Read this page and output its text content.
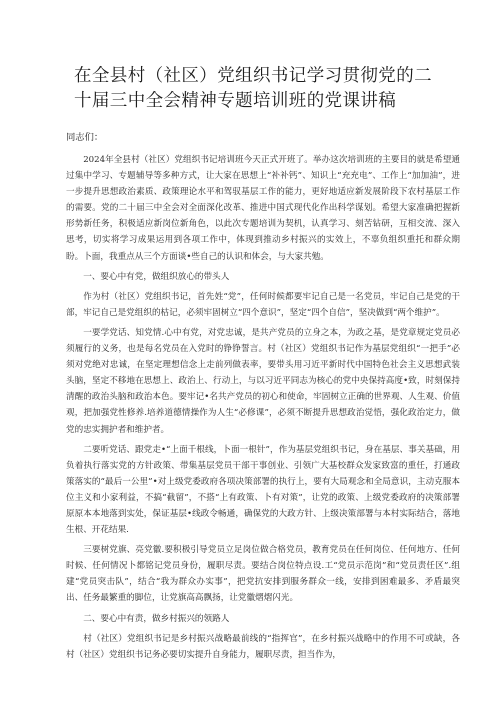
在全县村（社区）党组织书记学习贯彻党的二十届三中全会精神专题培训班的党课讲稿

同志们：

2024年全县村（社区）党组织书记培训班今天正式开班了。举办这次培训班的主要目的就是希望通过集中学习、专题辅导等多种方式，让大家在思想上“补补钙”、知识上“充充电”、工作上“加加油”，进一步提升思想政治素质、政策理论水平和驾驭基层工作的能力，更好地适应新发展阶段下农村基层工作的需要。党的二十届三中全会对全面深化改革、推进中国式现代化作出科学谋划。希望大家准确把握新形势新任务，积极适应新岗位新角色，以此次专题培训为契机，认真学习、刻苦钻研，互相交流、深入思考，切实将学习成果运用到各项工作中，体现到推动乡村振兴的实效上，不辜负组织重托和群众期盼。卜面，我重点从三个方面谈•些自己的认识和体会，与大家共勉。

一、要心中有党，做组织放心的带头人

作为村（社区）党组织书记，首先姓“党”，任何时候都要牢记自己是一名党员，牢记自己是党的干部，牢记自己是党组织的枯记，必须牢固树立“四个意识”，坚定“四个自信”，坚决做到“两个维护”。

一要学党话、知党情.心中有党，对党忠诚，是共产党员的立身之本，为政之基，是党章规定党员必须履行的义务，也是每名党员在入党时的铮铮誓言。村（社区）党组织书记作为基层党组织“一把手”必须对党绝对忠诚，在坚定理想信念上走前列做表率，要带头用习近平新时代中国特色社会主义思想武装头脑，坚定不移地在思想上、政治上、行动上，与以习近平同志为核心的党中央保持高度•致，时刻保持清醒的政治头脑和政治本色。要牢记•名共产党员的初心和使命，牢固树立正确的世界观、人生观、价值观，把加强党性修养.培养道德情操作为人生“必修课”，必须不断提升思想政治觉悟，强化政治定力，做党的忠实拥护者和维护者。

二要听党话、跟党走•“上面千根线，卜面一根针”，作为基层党组织书记，身在基层、事关基础，用负着执行落实党的方针政策、带集基层党员干部干事创业、引领广大基校群众发家致富的重任，打通政策落实的“最后一公里”•对上级党委政府各项决策部署的执行上，要有大局观念和全局意识，主动克服本位主义和小家利益，不搞“截留”，不搭“上有政策、卜有对策”，让党的政策、上级党委政府的决策部署原原本本地落到实处，保证基层•线政令畅通，确保党的大政方针、上级决策部署与本村实际结合，落地生根、开花结果.

三要树党旗、亮党徽.要积极引导党员立足岗位做合格党员，教育党员在任何岗位、任何地方、任何时候、任何情况卜都铭记党员身份，履职尽责。要结合岗位特点设.工“党员示范岗”和“党员责任区”.组建“党员突击队”，结合“我为群众办实事”，把党抗安排到服务群众一线，安排到困难最多、矛盾最突出、任务最繁重的脚位，让党旗高高飘扬，让党徽熠熠闪光。

二、要心中有责，做乡村振兴的领路人

村（社区）党组织书记是乡村振兴战略最前线的“指挥官”，在乡村振兴战略中的作用不可或缺，各村（社区）党组织书记务必要切实提升自身能力，履职尽责，担当作为，
